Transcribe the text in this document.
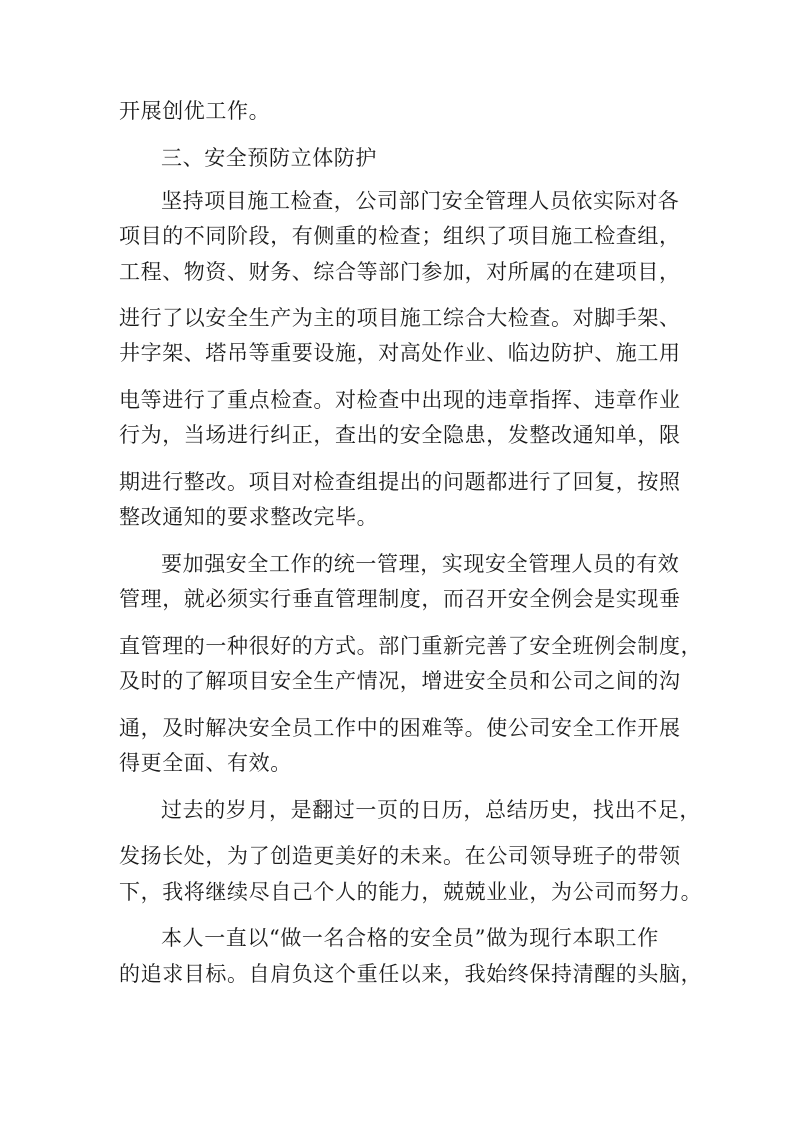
开展创优工作。
三、安全预防立体防护
坚持项目施工检查，公司部门安全管理人员依实际对各
项目的不同阶段，有侧重的检查；组织了项目施工检查组，
工程、物资、财务、综合等部门参加，对所属的在建项目，
进行了以安全生产为主的项目施工综合大检查。对脚手架、
井字架、塔吊等重要设施，对高处作业、临边防护、施工用
电等进行了重点检查。对检查中出现的违章指挥、违章作业
行为，当场进行纠正，查出的安全隐患，发整改通知单，限
期进行整改。项目对检查组提出的问题都进行了回复，按照
整改通知的要求整改完毕。
要加强安全工作的统一管理，实现安全管理人员的有效
管理，就必须实行垂直管理制度，而召开安全例会是实现垂
直管理的一种很好的方式。部门重新完善了安全班例会制度，
及时的了解项目安全生产情况，增进安全员和公司之间的沟
通，及时解决安全员工作中的困难等。使公司安全工作开展
得更全面、有效。
过去的岁月，是翻过一页的日历，总结历史，找出不足，
发扬长处，为了创造更美好的未来。在公司领导班子的带领
下，我将继续尽自己个人的能力，兢兢业业，为公司而努力。
本人一直以“做一名合格的安全员”做为现行本职工作
的追求目标。自肩负这个重任以来，我始终保持清醒的头脑，
